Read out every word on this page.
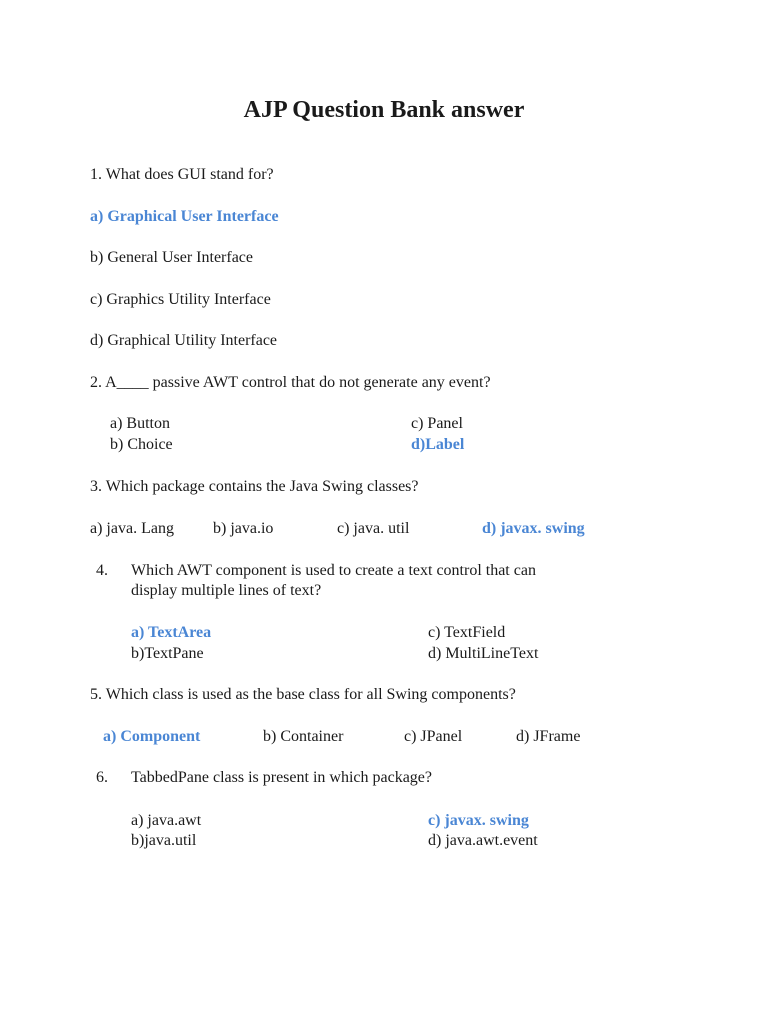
AJP Question Bank answer
1. What does GUI stand for?
a) Graphical User Interface
b) General User Interface
c) Graphics Utility Interface
d) Graphical Utility Interface
2. A____ passive AWT control that do not generate any event?
a) Button
b) Choice
c) Panel
d)Label
3. Which package contains the Java Swing classes?
a) java. Lang b) java.io	c) java. util	d) javax. swing
4. Which AWT component is used to create a text control that can
display multiple lines of text?
a) TextArea
b)TextPane
c) TextField
d) MultiLineText
5. Which class is used as the base class for all Swing components?
a) Component	b) Container	c) JPanel	d) JFrame
6. TabbedPane class is present in which package?
a) java.awt
b)java.util
c) javax. swing
d) java.awt.event
